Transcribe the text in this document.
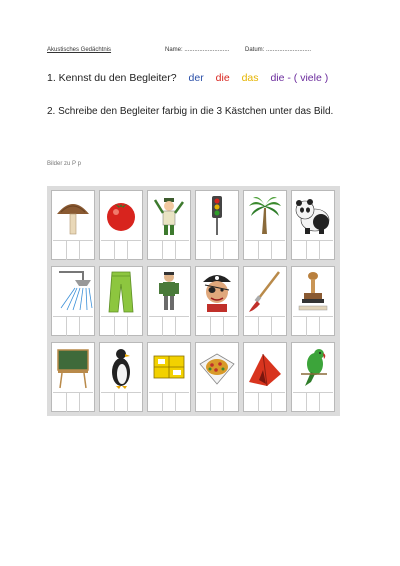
Akustisches Gedächtnis	Name: ...........................	Datum: ...........................
1. Kennst du den Begleiter? der die das die - ( viele )
2. Schreibe den Begleiter farbig in die 3 Kästchen unter das Bild.
Bilder zu P p
